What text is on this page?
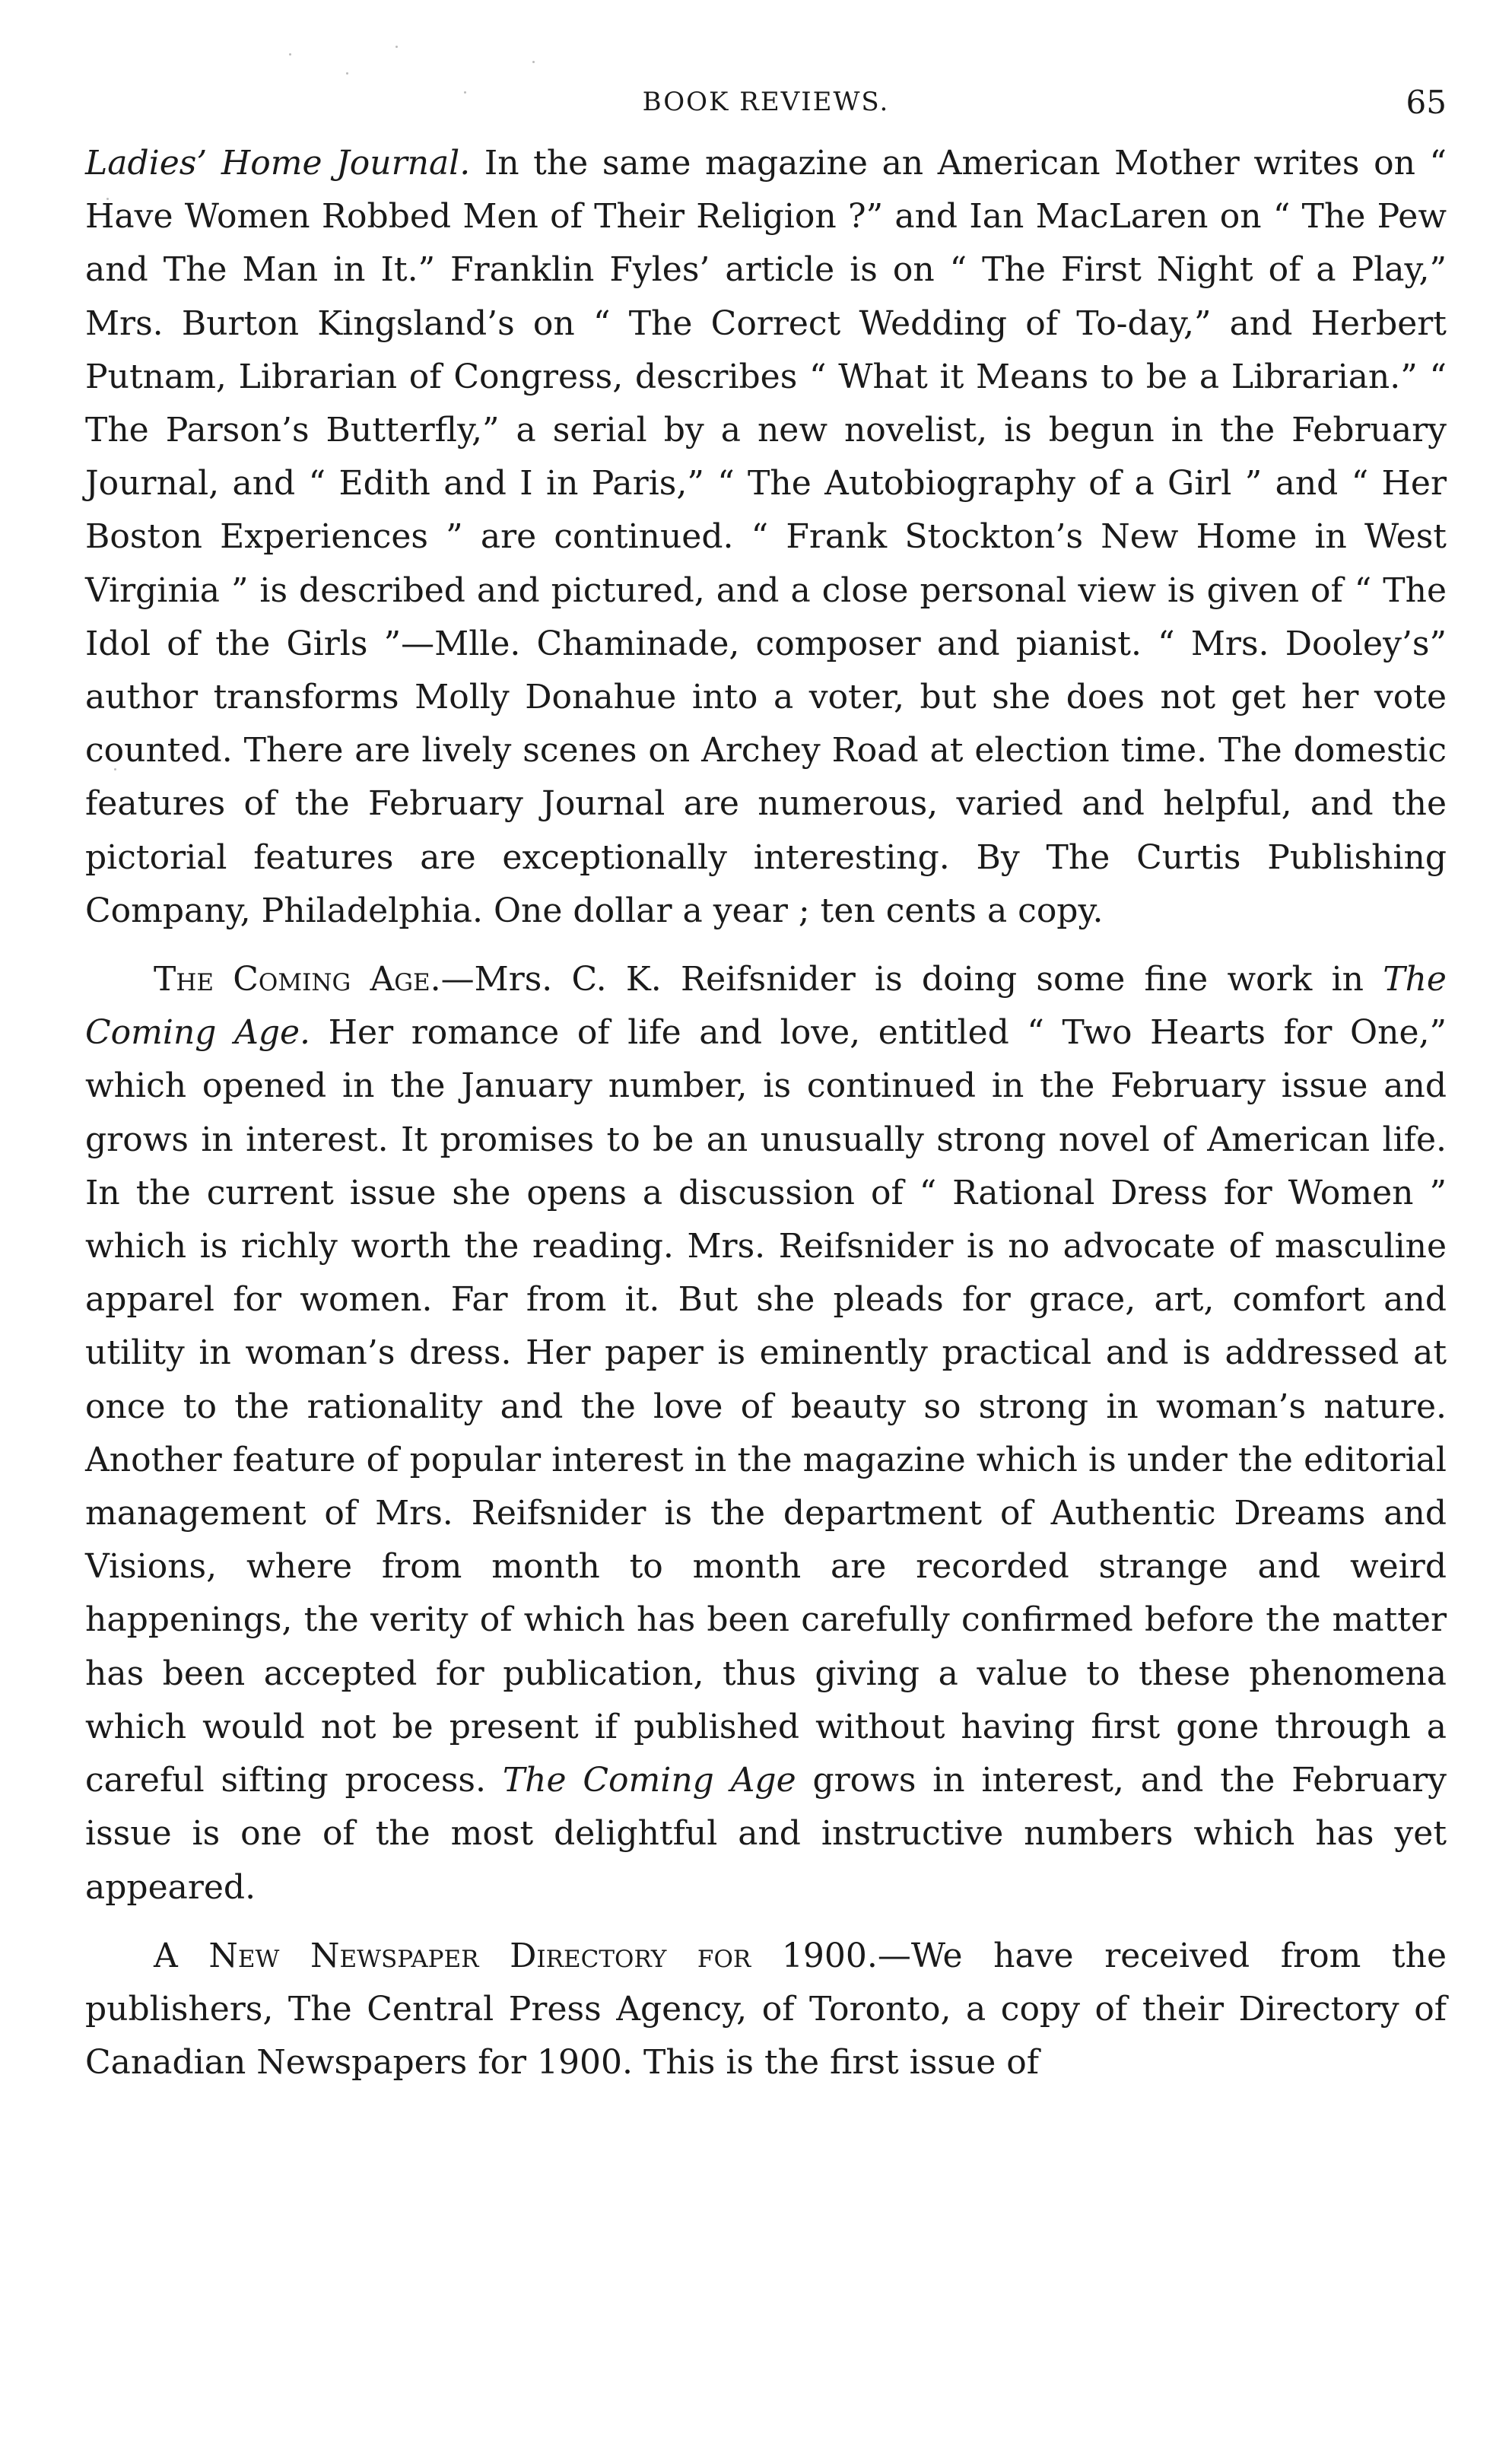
BOOK REVIEWS.	65

Ladies’ Home Journal. In the same magazine an American Mother writes on “ Have Women Robbed Men of Their Religion ?” and Ian MacLaren on “ The Pew and The Man in It.” Franklin Fyles’ article is on “ The First Night of a Play,” Mrs. Burton Kingsland’s on “ The Correct Wedding of To-day,” and Herbert Putnam, Librarian of Congress, describes “ What it Means to be a Librarian.” “ The Parson’s Butterfly,” a serial by a new novelist, is begun in the February Journal, and “ Edith and I in Paris,” “ The Autobiography of a Girl ” and “ Her Boston Experiences ” are continued. “ Frank Stockton’s New Home in West Virginia ” is described and pictured, and a close personal view is given of “ The Idol of the Girls ”—Mlle. Chaminade, composer and pianist. “ Mrs. Dooley’s” author transforms Molly Donahue into a voter, but she does not get her vote counted. There are lively scenes on Archey Road at election time. The domestic features of the February Journal are numerous, varied and helpful, and the pictorial features are exceptionally interesting. By The Curtis Publishing Company, Philadelphia. One dollar a year ; ten cents a copy.

The Coming Age.—Mrs. C. K. Reifsnider is doing some fine work in The Coming Age. Her romance of life and love, entitled “ Two Hearts for One,” which opened in the January number, is continued in the February issue and grows in interest. It promises to be an unusually strong novel of American life. In the current issue she opens a discussion of “ Rational Dress for Women ” which is richly worth the reading. Mrs. Reifsnider is no advocate of masculine apparel for women. Far from it. But she pleads for grace, art, comfort and utility in woman’s dress. Her paper is eminently practical and is addressed at once to the rationality and the love of beauty so strong in woman’s nature. Another feature of popular interest in the magazine which is under the editorial management of Mrs. Reifsnider is the department of Authentic Dreams and Visions, where from month to month are recorded strange and weird happenings, the verity of which has been carefully confirmed before the matter has been accepted for publication, thus giving a value to these phenomena which would not be present if published without having first gone through a careful sifting process. The Coming Age grows in interest, and the February issue is one of the most delightful and instructive numbers which has yet appeared.

A New Newspaper Directory for 1900.—We have received from the publishers, The Central Press Agency, of Toronto, a copy of their Directory of Canadian Newspapers for 1900. This is the first issue of
